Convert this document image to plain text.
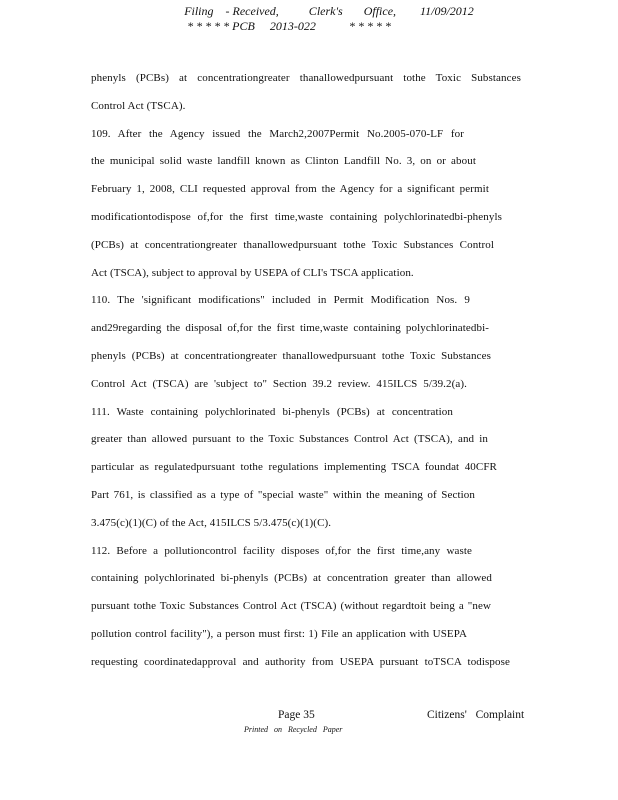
Filing    - Received,          Clerk's       Office,        11/09/2012
* * * * * PCB     2013-022           * * * * *
phenyls (PCBs) at concentrationgreater thanallowedpursuant tothe Toxic Substances
Control Act (TSCA).
109. After the Agency issued the March2,2007Permit No.2005-070-LF for
the municipal solid waste landfill known as Clinton Landfill No. 3, on or about
February 1, 2008, CLI requested approval from the Agency for a significant permit
modificationtodispose of,for the first time,waste containing polychlorinatedbi-phenyls
(PCBs) at concentrationgreater thanallowedpursuant tothe Toxic Substances Control
Act (TSCA), subject to approval by USEPA of CLI's TSCA application.
110. The 'significant modifications" included in Permit Modification Nos. 9
and29regarding the disposal of,for the first time,waste containing polychlorinatedbi-
phenyls (PCBs) at concentrationgreater thanallowedpursuant tothe Toxic Substances
Control Act (TSCA) are 'subject to" Section 39.2 review. 415ILCS 5/39.2(a).
111. Waste containing polychlorinated bi-phenyls (PCBs) at concentration
greater than allowed pursuant to the Toxic Substances Control Act (TSCA), and in
particular as regulatedpursuant tothe regulations implementing TSCA foundat 40CFR
Part 761, is classified as a type of "special waste" within the meaning of Section
3.475(c)(1)(C) of the Act, 415ILCS 5/3.475(c)(1)(C).
112. Before a pollutioncontrol facility disposes of,for the first time,any waste
containing polychlorinated bi-phenyls (PCBs) at concentration greater than allowed
pursuant tothe Toxic Substances Control Act (TSCA) (without regardtoit being a "new
pollution control facility"), a person must first: 1) File an application with USEPA
requesting coordinatedapproval and authority from USEPA pursuant toTSCA todispose
Page 35	Citizens' Complaint
Printed on Recycled Paper
